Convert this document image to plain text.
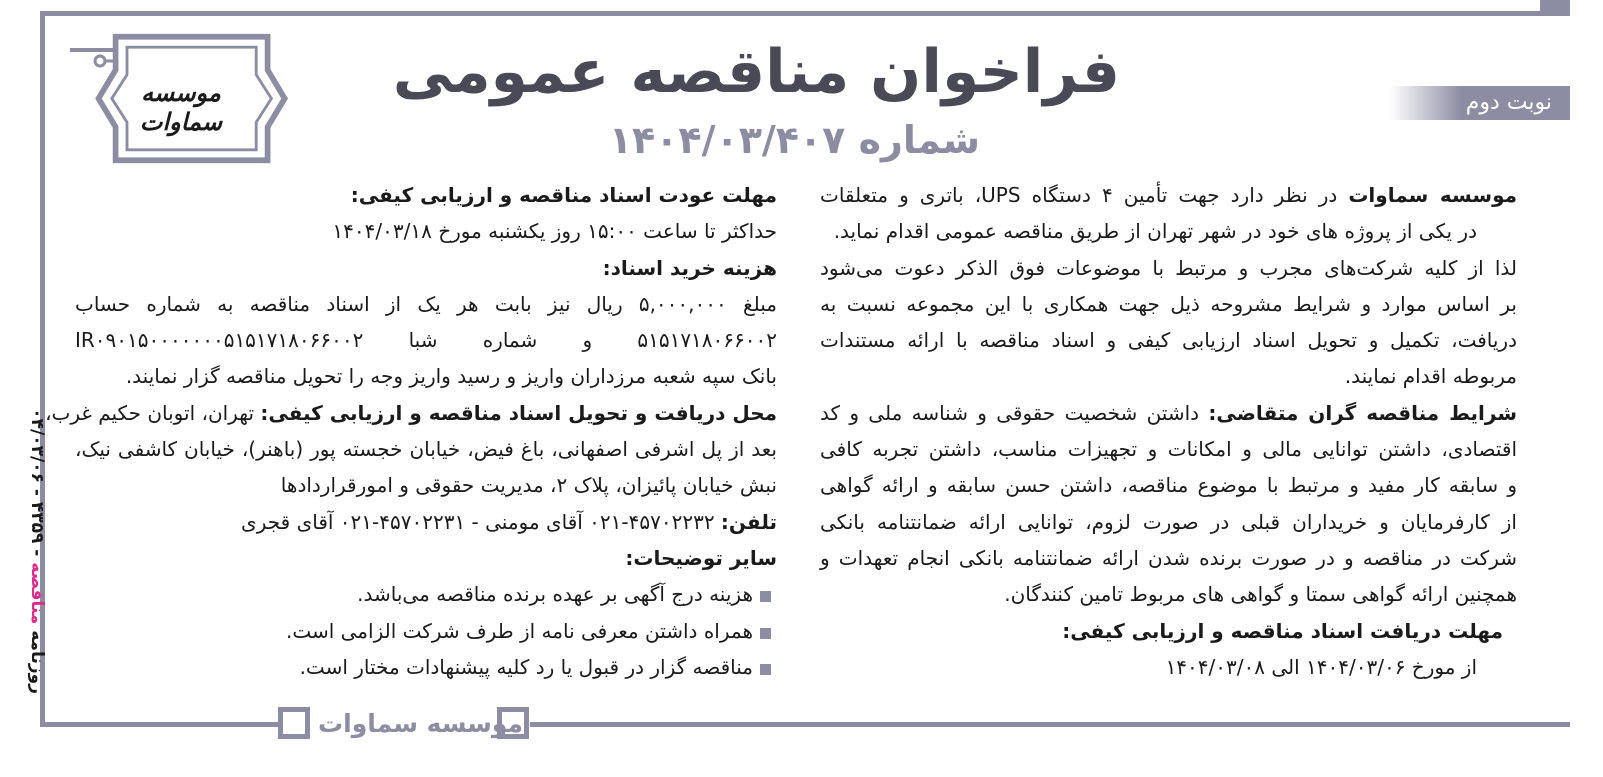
مؤسسه سماوات
روزنامه مناقصه - ۴۳۵۹ - ۰۴/۰۳/۰۶
موسسه سماوات
فراخوان مناقصه عمومی
شماره ۱۴۰۴/۰۳/۴۰۷
نوبت دوم
موسسه سماوات در نظر دارد جهت تأمین ۴ دستگاه UPS، باتری و متعلقات
در یکی از پروژه های خود در شهر تهران از طریق مناقصه عمومی اقدام نماید.
لذا از کلیه شرکت‌های مجرب و مرتبط با موضوعات فوق الذکر دعوت می‌شود
بر اساس موارد و شرایط مشروحه ذیل جهت همکاری با این مجموعه نسبت به
دریافت، تکمیل و تحویل اسناد ارزیابی کیفی و اسناد مناقصه با ارائه مستندات
مربوطه اقدام نمایند.
شرایط مناقصه گران متقاضی: داشتن شخصیت حقوقی و شناسه ملی و کد
اقتصادی، داشتن توانایی مالی و امکانات و تجهیزات مناسب، داشتن تجربه کافی
و سابقه کار مفید و مرتبط با موضوع مناقصه، داشتن حسن سابقه و ارائه گواهی
از کارفرمایان و خریداران قبلی در صورت لزوم، توانایی ارائه ضمانتنامه بانکی
شرکت در مناقصه و در صورت برنده شدن ارائه ضمانتنامه بانکی انجام تعهدات و
همچنین ارائه گواهی سمتا و گواهی های مربوط تامین کنندگان.
مهلت دریافت اسناد مناقصه و ارزیابی کیفی:
از مورخ ۱۴۰۴/۰۳/۰۶ الی ۱۴۰۴/۰۳/۰۸
مهلت عودت اسناد مناقصه و ارزیابی کیفی:
حداکثر تا ساعت ۱۵:۰۰ روز یکشنبه مورخ ۱۴۰۴/۰۳/۱۸
هزینه خرید اسناد:
مبلغ ۵,۰۰۰,۰۰۰ ریال نیز بابت هر یک از اسناد مناقصه به شماره حساب
۵۱۵۱۷۱۸۰۶۶۰۰۲ و شماره شبا IR۰۹۰۱۵۰۰۰۰۰۰۰۵۱۵۱۷۱۸۰۶۶۰۰۲
بانک سپه شعبه مرزداران واریز و رسید واریز وجه را تحویل مناقصه گزار نمایند.
محل دریافت و تحویل اسناد مناقصه و ارزیابی کیفی: تهران، اتوبان حکیم غرب،
بعد از پل اشرفی اصفهانی، باغ فیض، خیابان خجسته پور (باهنر)، خیابان کاشفی نیک،
نبش خیابان پائیزان، پلاک ۲، مدیریت حقوقی و امورقراردادها
تلفن: ۴۵۷۰۲۲۳۲-۰۲۱ آقای مومنی - ۴۵۷۰۲۲۳۱-۰۲۱ آقای قجری
سایر توضیحات:
هزینه درج آگهی بر عهده برنده مناقصه می‌باشد.
همراه داشتن معرفی نامه از طرف شرکت الزامی است.
مناقصه گزار در قبول یا رد کلیه پیشنهادات مختار است.
